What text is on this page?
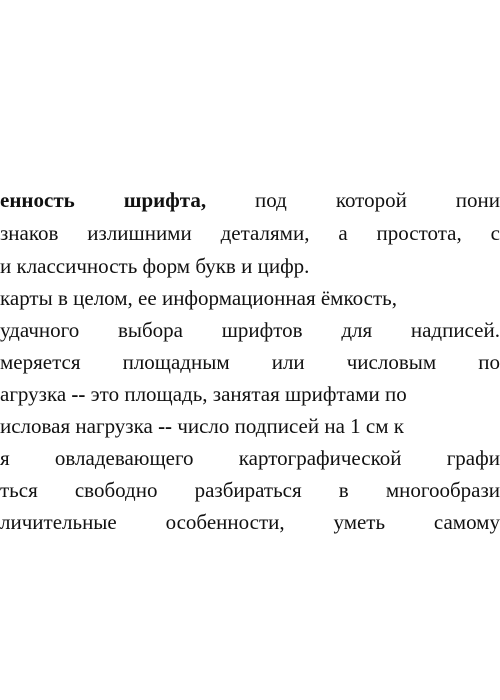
енность шрифта, под которой пони
знаков излишними деталями, а простота, с
и классичность форм букв и цифр.
карты в целом, ее информационная ёмкость,
удачного выбора шрифтов для надписей.
меряется площадным или числовым по
агрузка -- это площадь, занятая шрифтами по
исловая нагрузка -- число подписей на 1 см к
я овладевающего картографической графи
ться свободно разбираться в многообрази
личительные особенности, уметь самому
